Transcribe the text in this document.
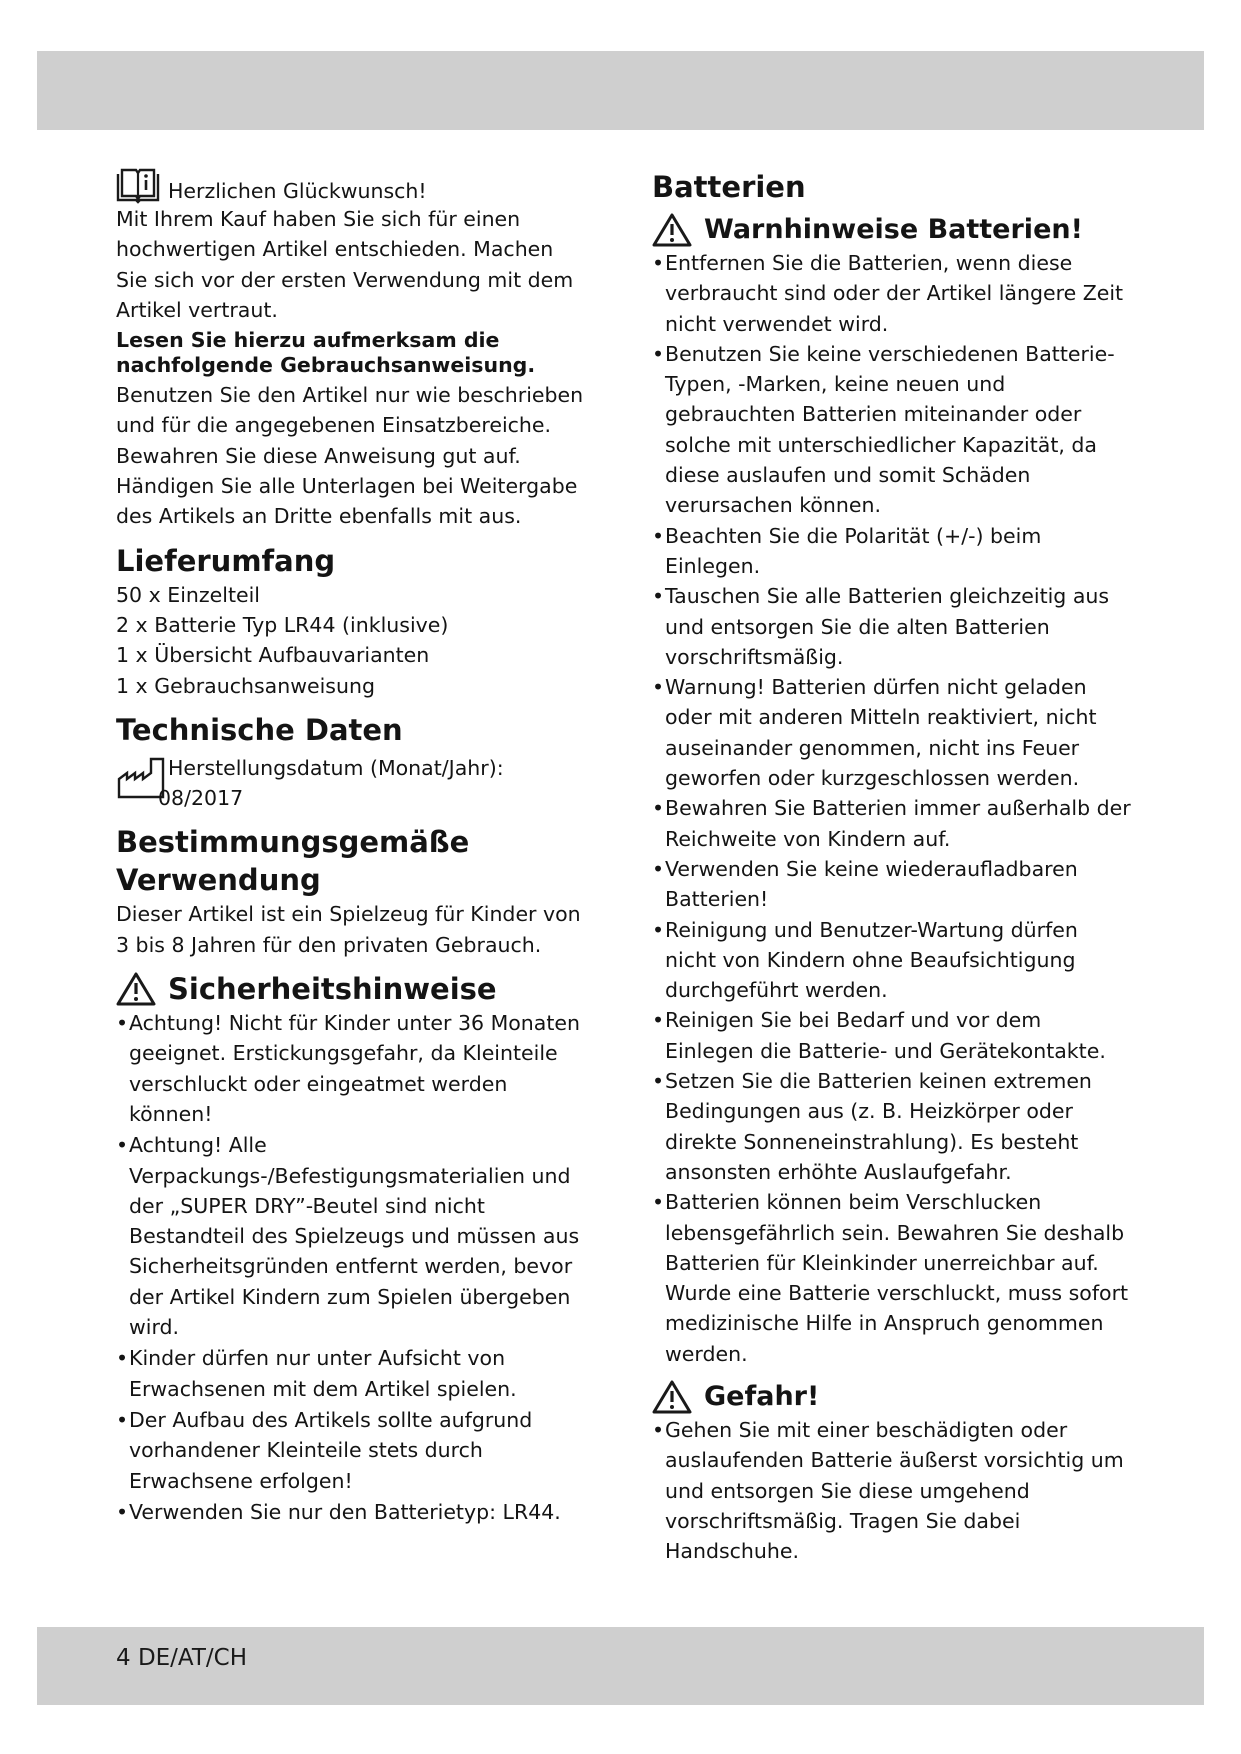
Herzlichen Glückwunsch!

Mit Ihrem Kauf haben Sie sich für einen hochwertigen Artikel entschieden. Machen Sie sich vor der ersten Verwendung mit dem Artikel vertraut.

Lesen Sie hierzu aufmerksam die nachfolgende Gebrauchsanweisung.

Benutzen Sie den Artikel nur wie beschrieben und für die angegebenen Einsatzbereiche. Bewahren Sie diese Anweisung gut auf. Händigen Sie alle Unterlagen bei Weitergabe des Artikels an Dritte ebenfalls mit aus.

Lieferumfang

50 x Einzelteil

2 x Batterie Typ LR44 (inklusive)

1 x Übersicht Aufbauvarianten

1 x Gebrauchsanweisung

Technische Daten

Herstellungsdatum (Monat/Jahr):

08/2017

Bestimmungsgemäße
Verwendung

Dieser Artikel ist ein Spielzeug für Kinder von 3 bis 8 Jahren für den privaten Gebrauch.

Sicherheitshinweise
• Achtung! Nicht für Kinder unter 36 Monaten geeignet. Erstickungsgefahr, da Kleinteile verschluckt oder eingeatmet werden können!
• Achtung! Alle Verpackungs-/Befestigungsmaterialien und der „SUPER DRY”-Beutel sind nicht Bestandteil des Spielzeugs und müssen aus Sicherheitsgründen entfernt werden, bevor der Artikel Kindern zum Spielen übergeben wird.
• Kinder dürfen nur unter Aufsicht von Erwachsenen mit dem Artikel spielen.
• Der Aufbau des Artikels sollte aufgrund vorhandener Kleinteile stets durch Erwachsene erfolgen!
• Verwenden Sie nur den Batterietyp: LR44.
Batterien
Warnhinweise Batterien!
• Entfernen Sie die Batterien, wenn diese verbraucht sind oder der Artikel längere Zeit nicht verwendet wird.
• Benutzen Sie keine verschiedenen Batterie-Typen, -Marken, keine neuen und gebrauchten Batterien miteinander oder solche mit unterschiedlicher Kapazität, da diese auslaufen und somit Schäden verursachen können.
• Beachten Sie die Polarität (+/-) beim Einlegen.
• Tauschen Sie alle Batterien gleichzeitig aus und entsorgen Sie die alten Batterien vorschriftsmäßig.
• Warnung! Batterien dürfen nicht geladen oder mit anderen Mitteln reaktiviert, nicht auseinander genommen, nicht ins Feuer geworfen oder kurzgeschlossen werden.
• Bewahren Sie Batterien immer außerhalb der Reichweite von Kindern auf.
• Verwenden Sie keine wiederaufladbaren Batterien!
• Reinigung und Benutzer-Wartung dürfen nicht von Kindern ohne Beaufsichtigung durchgeführt werden.
• Reinigen Sie bei Bedarf und vor dem Einlegen die Batterie- und Gerätekontakte.
• Setzen Sie die Batterien keinen extremen Bedingungen aus (z. B. Heizkörper oder direkte Sonneneinstrahlung). Es besteht ansonsten erhöhte Auslaufgefahr.
• Batterien können beim Verschlucken lebensgefährlich sein. Bewahren Sie deshalb Batterien für Kleinkinder unerreichbar auf. Wurde eine Batterie verschluckt, muss sofort medizinische Hilfe in Anspruch genommen werden.
Gefahr!
• Gehen Sie mit einer beschädigten oder auslaufenden Batterie äußerst vorsichtig um und entsorgen Sie diese umgehend vorschriftsmäßig. Tragen Sie dabei Handschuhe.
4 DE/AT/CH
